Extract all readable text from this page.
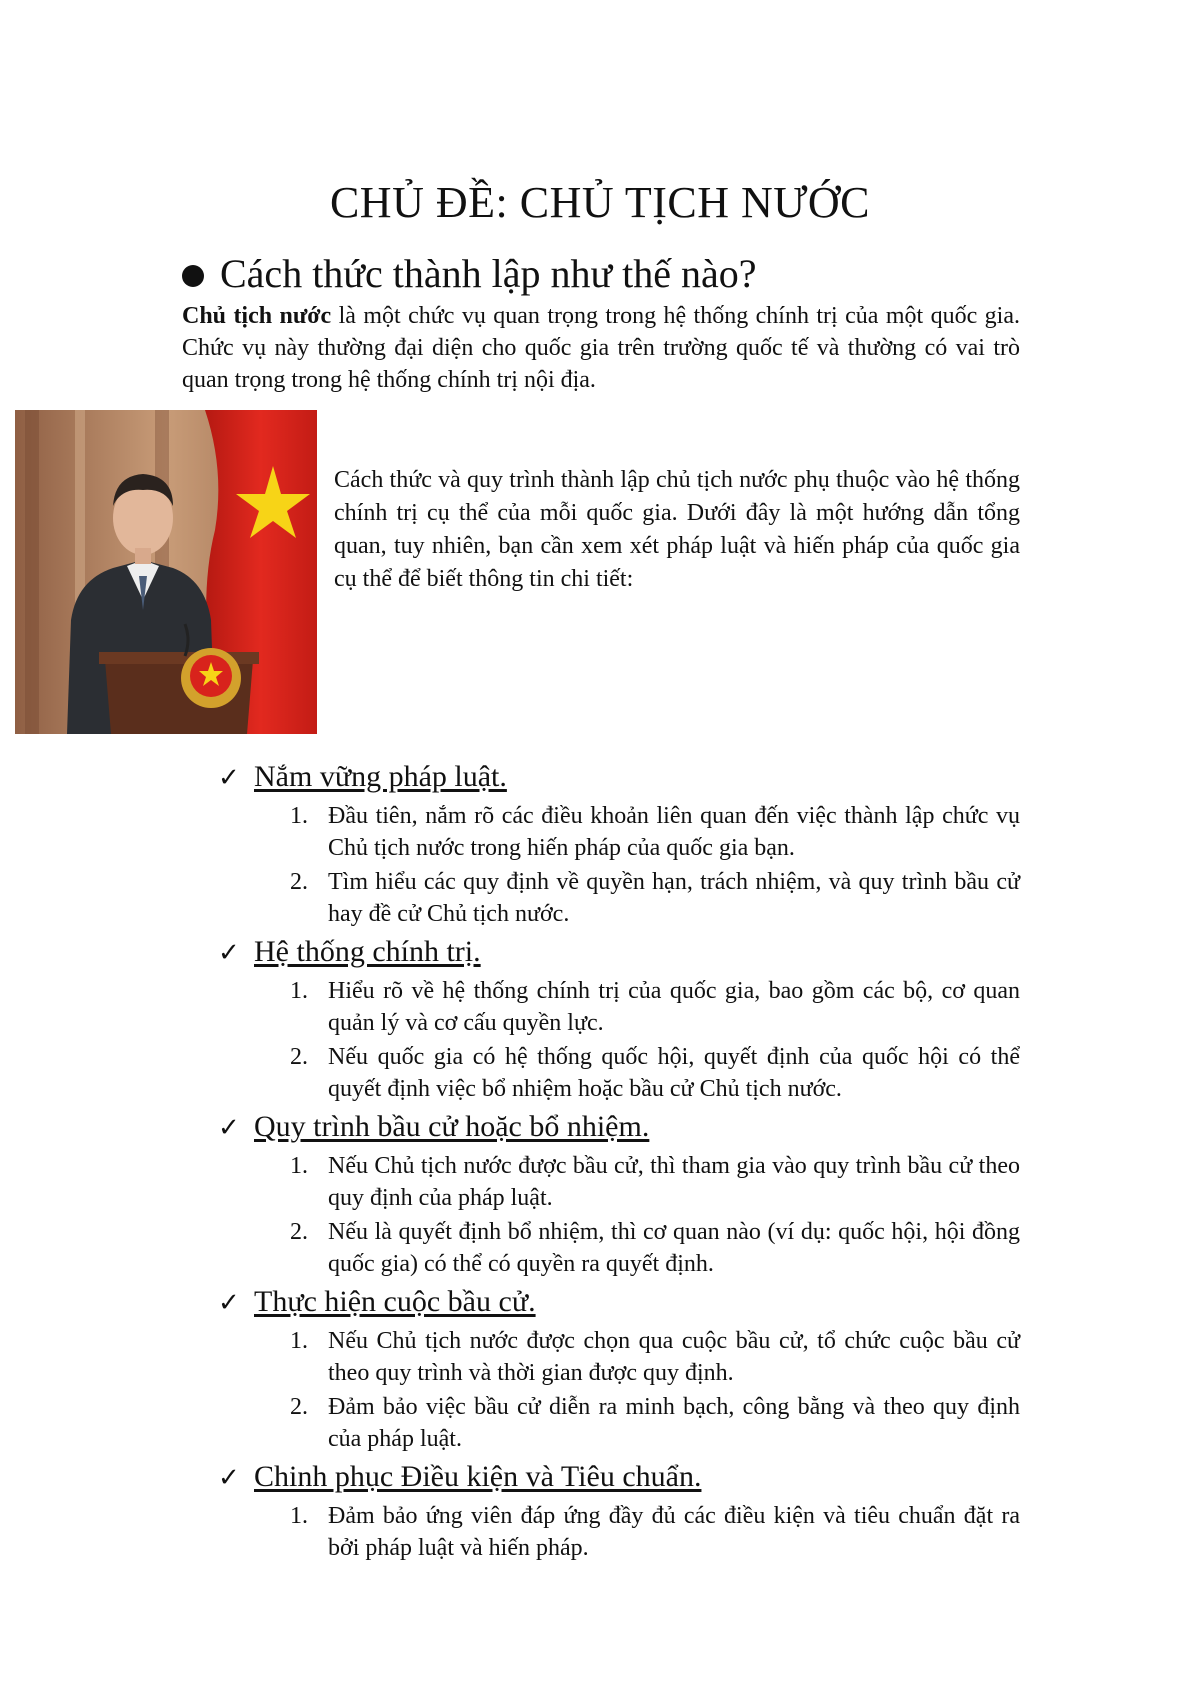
CHỦ ĐỀ: CHỦ TỊCH NƯỚC
Cách thức thành lập như thế nào?

Chủ tịch nước là một chức vụ quan trọng trong hệ thống chính trị của một quốc gia. Chức vụ này thường đại diện cho quốc gia trên trường quốc tế và thường có vai trò quan trọng trong hệ thống chính trị nội địa.

Cách thức và quy trình thành lập chủ tịch nước phụ thuộc vào hệ thống chính trị cụ thể của mỗi quốc gia. Dưới đây là một hướng dẫn tổng quan, tuy nhiên, bạn cần xem xét pháp luật và hiến pháp của quốc gia cụ thể để biết thông tin chi tiết:

✓ Nắm vững pháp luật.
1. Đầu tiên, nắm rõ các điều khoản liên quan đến việc thành lập chức vụ Chủ tịch nước trong hiến pháp của quốc gia bạn.
2. Tìm hiểu các quy định về quyền hạn, trách nhiệm, và quy trình bầu cử hay đề cử Chủ tịch nước.
✓ Hệ thống chính trị.
1. Hiểu rõ về hệ thống chính trị của quốc gia, bao gồm các bộ, cơ quan quản lý và cơ cấu quyền lực.
2. Nếu quốc gia có hệ thống quốc hội, quyết định của quốc hội có thể quyết định việc bổ nhiệm hoặc bầu cử Chủ tịch nước.
✓ Quy trình bầu cử hoặc bổ nhiệm.
1. Nếu Chủ tịch nước được bầu cử, thì tham gia vào quy trình bầu cử theo quy định của pháp luật.
2. Nếu là quyết định bổ nhiệm, thì cơ quan nào (ví dụ: quốc hội, hội đồng quốc gia) có thể có quyền ra quyết định.
✓ Thực hiện cuộc bầu cử.
1. Nếu Chủ tịch nước được chọn qua cuộc bầu cử, tổ chức cuộc bầu cử theo quy trình và thời gian được quy định.
2. Đảm bảo việc bầu cử diễn ra minh bạch, công bằng và theo quy định của pháp luật.
✓ Chinh phục Điều kiện và Tiêu chuẩn.
1. Đảm bảo ứng viên đáp ứng đầy đủ các điều kiện và tiêu chuẩn đặt ra bởi pháp luật và hiến pháp.
